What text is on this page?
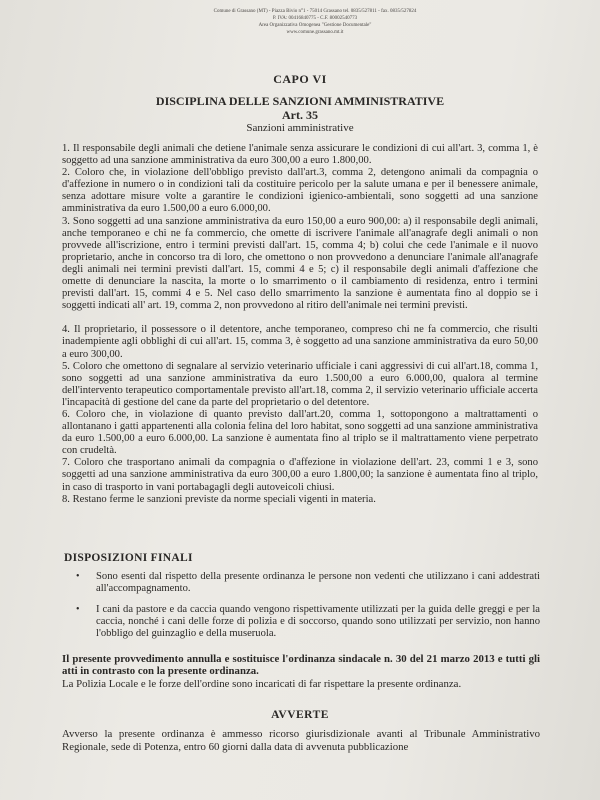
Comune di Grassano (MT) - Piazza Bivio n°1 - 75014 Grassano tel. 0835/527811 - fax. 0835/527824
P. IVA: 00416840775 - C.F. 80002540773
Area Organizzativa Omogenea "Gestione Documentale"
www.comune.grassano.mt.it
CAPO VI
DISCIPLINA DELLE SANZIONI AMMINISTRATIVE
Art. 35
Sanzioni amministrative

1. Il responsabile degli animali che detiene l'animale senza assicurare le condizioni di cui all'art. 3, comma 1, è soggetto ad una sanzione amministrativa da euro 300,00 a euro 1.800,00.

2. Coloro che, in violazione dell'obbligo previsto dall'art.3, comma 2, detengono animali da compagnia o d'affezione in numero o in condizioni tali da costituire pericolo per la salute umana e per il benessere animale, senza adottare misure volte a garantire le condizioni igienico-ambientali, sono soggetti ad una sanzione amministrativa da euro 1.500,00 a euro 6.000,00.

3. Sono soggetti ad una sanzione amministrativa da euro 150,00 a euro 900,00: a) il responsabile degli animali, anche temporaneo e chi ne fa commercio, che omette di iscrivere l'animale all'anagrafe degli animali o non provvede all'iscrizione, entro i termini previsti dall'art. 15, comma 4; b) colui che cede l'animale e il nuovo proprietario, anche in concorso tra di loro, che omettono o non provvedono a denunciare l'animale all'anagrafe degli animali nei termini previsti dall'art. 15, commi 4 e 5; c) il responsabile degli animali d'affezione che omette di denunciare la nascita, la morte o lo smarrimento o il cambiamento di residenza, entro i termini previsti dall'art. 15, commi 4 e 5. Nel caso dello smarrimento la sanzione è aumentata fino al doppio se i soggetti indicati all' art. 19, comma 2, non provvedono al ritiro dell'animale nei termini previsti.

4. Il proprietario, il possessore o il detentore, anche temporaneo, compreso chi ne fa commercio, che risulti inadempiente agli obblighi di cui all'art. 15, comma 3, è soggetto ad una sanzione amministrativa da euro 50,00 a euro 300,00.

5. Coloro che omettono di segnalare al servizio veterinario ufficiale i cani aggressivi di cui all'art.18, comma 1, sono soggetti ad una sanzione amministrativa da euro 1.500,00 a euro 6.000,00, qualora al termine dell'intervento terapeutico comportamentale previsto all'art.18, comma 2, il servizio veterinario ufficiale accerta l'incapacità di gestione del cane da parte del proprietario o del detentore.

6. Coloro che, in violazione di quanto previsto dall'art.20, comma 1, sottopongono a maltrattamenti o allontanano i gatti appartenenti alla colonia felina del loro habitat, sono soggetti ad una sanzione amministrativa da euro 1.500,00 a euro 6.000,00. La sanzione è aumentata fino al triplo se il maltrattamento viene perpetrato con crudeltà.

7. Coloro che trasportano animali da compagnia o d'affezione in violazione dell'art. 23, commi 1 e 3, sono soggetti ad una sanzione amministrativa da euro 300,00 a euro 1.800,00; la sanzione è aumentata fino al triplo, in caso di trasporto in vani portabagagli degli autoveicoli chiusi.

8. Restano ferme le sanzioni previste da norme speciali vigenti in materia.

DISPOSIZIONI FINALI
•	Sono esenti dal rispetto della presente ordinanza le persone non vedenti che utilizzano i cani addestrati all'accompagnamento.
•	I cani da pastore e da caccia quando vengono rispettivamente utilizzati per la guida delle greggi e per la caccia, nonché i cani delle forze di polizia e di soccorso, quando sono utilizzati per servizio, non hanno l'obbligo del guinzaglio e della museruola.
Il presente provvedimento annulla e sostituisce l'ordinanza sindacale n. 30 del 21 marzo 2013 e tutti gli atti in contrasto con la presente ordinanza.
La Polizia Locale e le forze dell'ordine sono incaricati di far rispettare la presente ordinanza.
AVVERTE
Avverso la presente ordinanza è ammesso ricorso giurisdizionale avanti al Tribunale Amministrativo Regionale, sede di Potenza, entro 60 giorni dalla data di avvenuta pubblicazione
